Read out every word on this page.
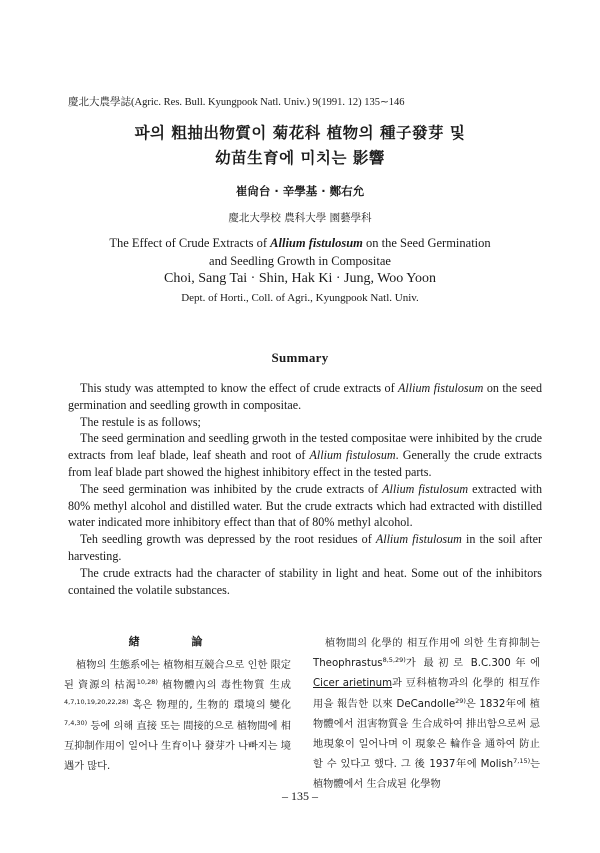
慶北大農學誌(Agric. Res. Bull. Kyungpook Natl. Univ.) 9(1991. 12) 135∼146
파의 粗抽出物質이 菊花科 植物의 種子發芽 및
幼苗生育에 미치는 影響
崔尙台 · 辛學基 · 鄭右允
慶北大學校 農科大學 園藝學科
The Effect of Crude Extracts of Allium fistulosum on the Seed Germination
and Seedling Growth in Compositae
Choi, Sang Tai · Shin, Hak Ki · Jung, Woo Yoon
Dept. of Horti., Coll. of Agri., Kyungpook Natl. Univ.
Summary

This study was attempted to know the effect of crude extracts of Allium fistulosum on the seed germination and seedling growth in compositae.

The restule is as follows;

The seed germination and seedling grwoth in the tested compositae were inhibited by the crude extracts from leaf blade, leaf sheath and root of Allium fistulosum. Generally the crude extracts from leaf blade part showed the highest inhibitory effect in the tested parts.

The seed germination was inhibited by the crude extracts of Allium fistulosum extracted with 80% methyl alcohol and distilled water. But the crude extracts which had extracted with distilled water indicated more inhibitory effect than that of 80% methyl alcohol.

Teh seedling growth was depressed by the root residues of Allium fistulosum in the soil after harvesting.

The crude extracts had the character of stability in light and heat. Some out of the inhibitors contained the volatile substances.

緖 論

植物의 生態系에는 植物相互競合으로 인한 限定된 資源의 枯渴$^{10,28)}$ 植物體內의 毒性物質 生成$^{4,7,10,19,20,22,28)}$ 혹은 物理的, 生物的 環境의 變化$^{7,4,30)}$ 등에 의해 直接 또는 間接的으로 植物間에 相互抑制作用이 일어나 生育이나 發芽가 나빠지는 境遇가 많다.

植物間의 化學的 相互作用에 의한 生育抑制는 Theophrastus$^{8,5,29)}$가 最初로 B.C.300年에 Cicer arietinum과 豆科植物과의 化學的 相互作用을 報告한 以來 DeCandolle$^{29)}$은 1832年에 植物體에서 沮害物質을 生合成하여 排出함으로써 忌地現象이 일어나며 이 現象은 輪作을 通하여 防止할 수 있다고 했다. 그 後 1937年에 Molish$^{7,15)}$는 植物體에서 生合成된 化學物

– 135 –
